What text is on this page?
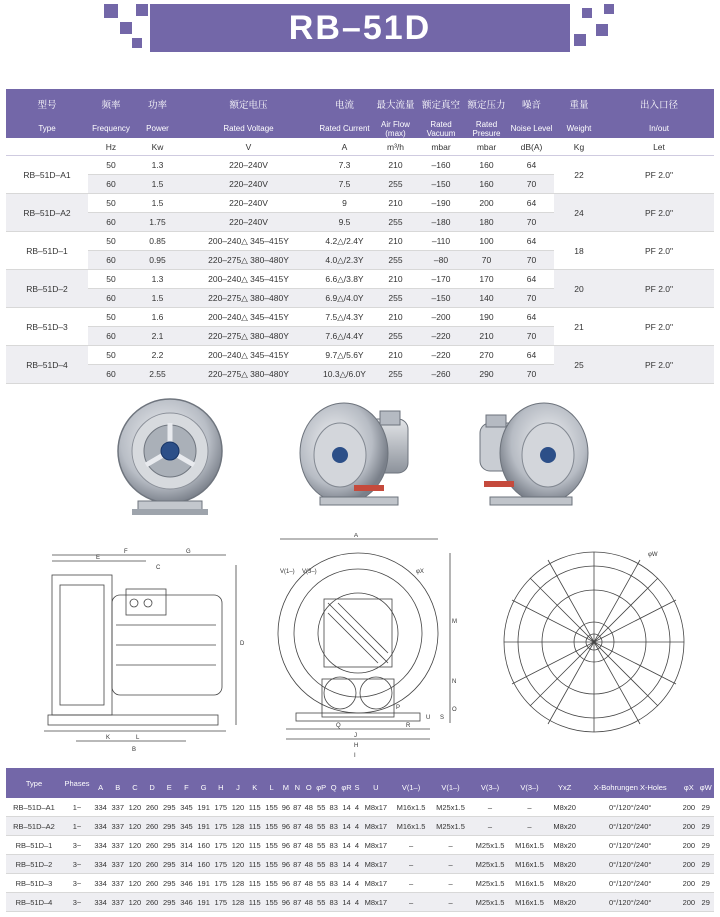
RB–51D
型号	频率	功率	额定电压	电流	最大流量	额定真空	额定压力	噪音	重量	出入口径
Type	Frequency	Power	Rated Voltage	Rated Current	Air Flow (max)	Rated Vacuum	Rated Presure	Noise Level	Weight	In/out
	Hz	Kw	V	A	m³/h	mbar	mbar	dB(A)	Kg	Let
RB–51D–A1	50	1.3	220–240V	7.3	210	–160	160	64	22	PF 2.0"
	60	1.5	220–240V	7.5	255	–150	160	70		
RB–51D–A2	50	1.5	220–240V	9	210	–190	200	64	24	PF 2.0"
	60	1.75	220–240V	9.5	255	–180	180	70		
RB–51D–1	50	0.85	200–240△ 345–415Y	4.2△/2.4Y	210	–110	100	64	18	PF 2.0"
	60	0.95	220–275△ 380–480Y	4.0△/2.3Y	255	–80	70	70		
RB–51D–2	50	1.3	200–240△ 345–415Y	6.6△/3.8Y	210	–170	170	64	20	PF 2.0"
	60	1.5	220–275△ 380–480Y	6.9△/4.0Y	255	–150	140	70		
RB–51D–3	50	1.6	200–240△ 345–415Y	7.5△/4.3Y	210	–200	190	64	21	PF 2.0"
	60	2.1	220–275△ 380–480Y	7.6△/4.4Y	255	–220	210	70		
RB–51D–4	50	2.2	200–240△ 345–415Y	9.7△/5.6Y	210	–220	270	64	25	PF 2.0"
	60	2.55	220–275△ 380–480Y	10.3△/6.0Y	255	–260	290	70		
F
E
C
G
D
K	L
B
A
V(1–) V(3–)	φX
M
N
O
Q	R
J
H
I
P
U S
φW
Type	Phases																											
		A	B	C	D	E	F	G	H	J	K	L	M	N	O	φP	Q	φR	S	U	V(1–)	V(1–)	V(3–)	V(3–)	YxZ	X-Bohrungen X-Holes	φX	φW
RB–51D–A1	1~	334	337	120	260	295	345	191	175	120	115	155	96	87	48	55	83	14	4	M8x17	M16x1.5	M25x1.5	–	–	M8x20	0°/120°/240°	200	29
RB–51D–A2	1~	334	337	120	260	295	345	191	175	128	115	155	96	87	48	55	83	14	4	M8x17	M16x1.5	M25x1.5	–	–	M8x20	0°/120°/240°	200	29
RB–51D–1	3~	334	337	120	260	295	314	160	175	120	115	155	96	87	48	55	83	14	4	M8x17	–	–	M25x1.5	M16x1.5	M8x20	0°/120°/240°	200	29
RB–51D–2	3~	334	337	120	260	295	314	160	175	120	115	155	96	87	48	55	83	14	4	M8x17	–	–	M25x1.5	M16x1.5	M8x20	0°/120°/240°	200	29
RB–51D–3	3~	334	337	120	260	295	346	191	175	128	115	155	96	87	48	55	83	14	4	M8x17	–	–	M25x1.5	M16x1.5	M8x20	0°/120°/240°	200	29
RB–51D–4	3~	334	337	120	260	295	346	191	175	128	115	155	96	87	48	55	83	14	4	M8x17	–	–	M25x1.5	M16x1.5	M8x20	0°/120°/240°	200	29
